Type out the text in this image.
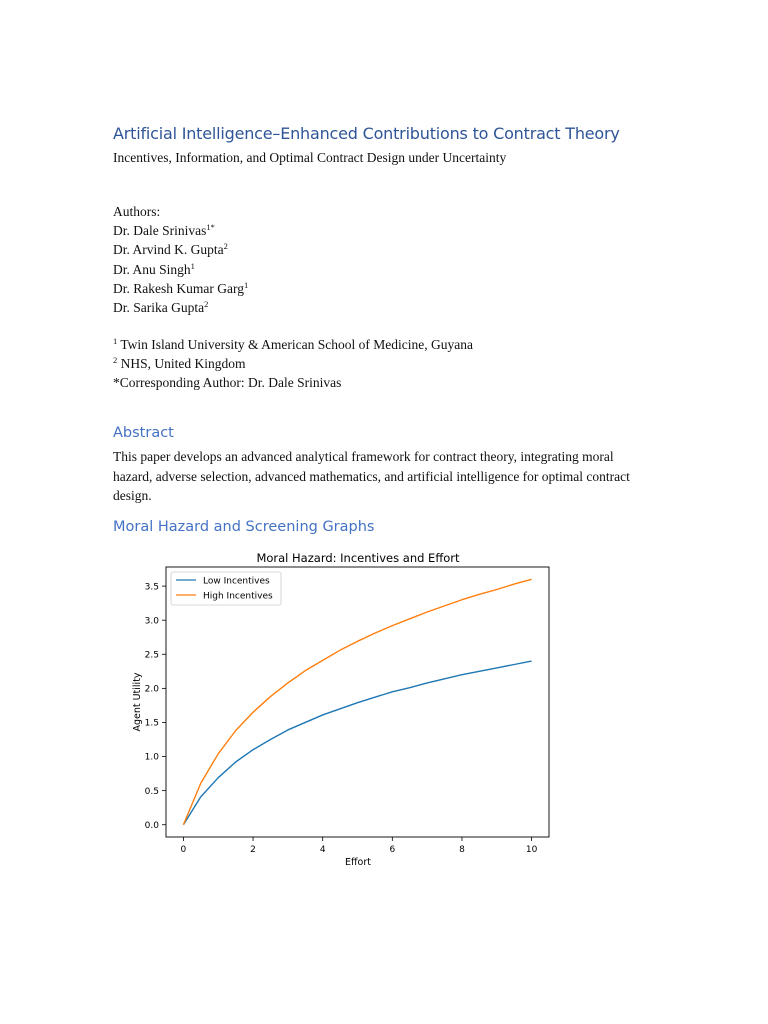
Artificial Intelligence–Enhanced Contributions to Contract Theory
Incentives, Information, and Optimal Contract Design under Uncertainty
Authors:
Dr. Dale Srinivas$^{1*}$
Dr. Arvind K. Gupta$^2$
Dr. Anu Singh$^1$
Dr. Rakesh Kumar Garg$^1$
Dr. Sarika Gupta$^2$
$^1$ Twin Island University & American School of Medicine, Guyana
$^2$ NHS, United Kingdom
*Corresponding Author: Dr. Dale Srinivas
Abstract
This paper develops an advanced analytical framework for contract theory, integrating moral hazard, adverse selection, advanced mathematics, and artificial intelligence for optimal contract design.
Moral Hazard and Screening Graphs
Moral Hazard: Incentives and Effort
0	2	4	6	8	10
0.0
0.5
1.0
1.5
2.0
2.5
3.0
3.5
Effort
Agent Utility
Low Incentives
High Incentives
